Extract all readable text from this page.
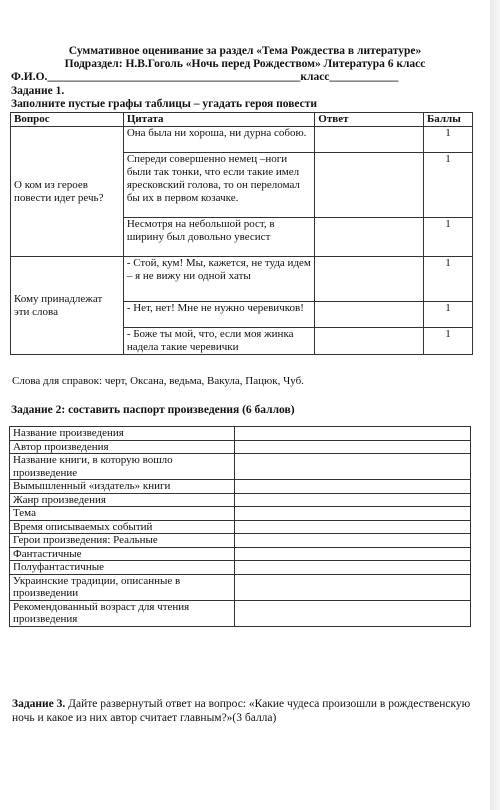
Суммативное оценивание за раздел «Тема Рождества в литературе»
Подраздел: Н.В.Гоголь «Ночь перед Рождеством» Литература 6 класс
Ф.И.О.____________________________________________класс____________
Задание 1.
Заполните пустые графы таблицы – угадать героя повести
Вопрос	Цитата	Ответ	Баллы
О ком из героев повести идет речь?	Она была ни хороша, ни дурна собою.		1
	Спереди совершенно немец –ноги были так тонки, что если такие имел яресковский голова, то он переломал бы их в первом козачке.		1
	Несмотря на небольшой рост, в ширину был довольно увесист		1
Кому принадлежат эти слова	- Стой, кум! Мы, кажется, не туда идем – я не вижу ни одной хаты		1
	- Нет, нет! Мне не нужно черевичков!		1
	- Боже ты мой, что, если моя жинка надела такие черевички		1
Слова для справок: черт, Оксана, ведьма, Вакула, Пацюк, Чуб.
Задание 2: составить паспорт произведения (6 баллов)
Название произведения	
Автор произведения	
Название книги, в которую вошло произведение	
Вымышленный «издатель» книги	
Жанр произведения	
Тема	
Время описываемых событий	
Герои произведения: Реальные	
Фантастичные	
Полуфантастичные	
Украинские традиции, описанные в произведении	
Рекомендованный возраст для чтения произведения	
Задание 3. Дайте развернутый ответ на вопрос: «Какие чудеса произошли в рождественскую ночь и какое из них автор считает главным?»(3 балла)
